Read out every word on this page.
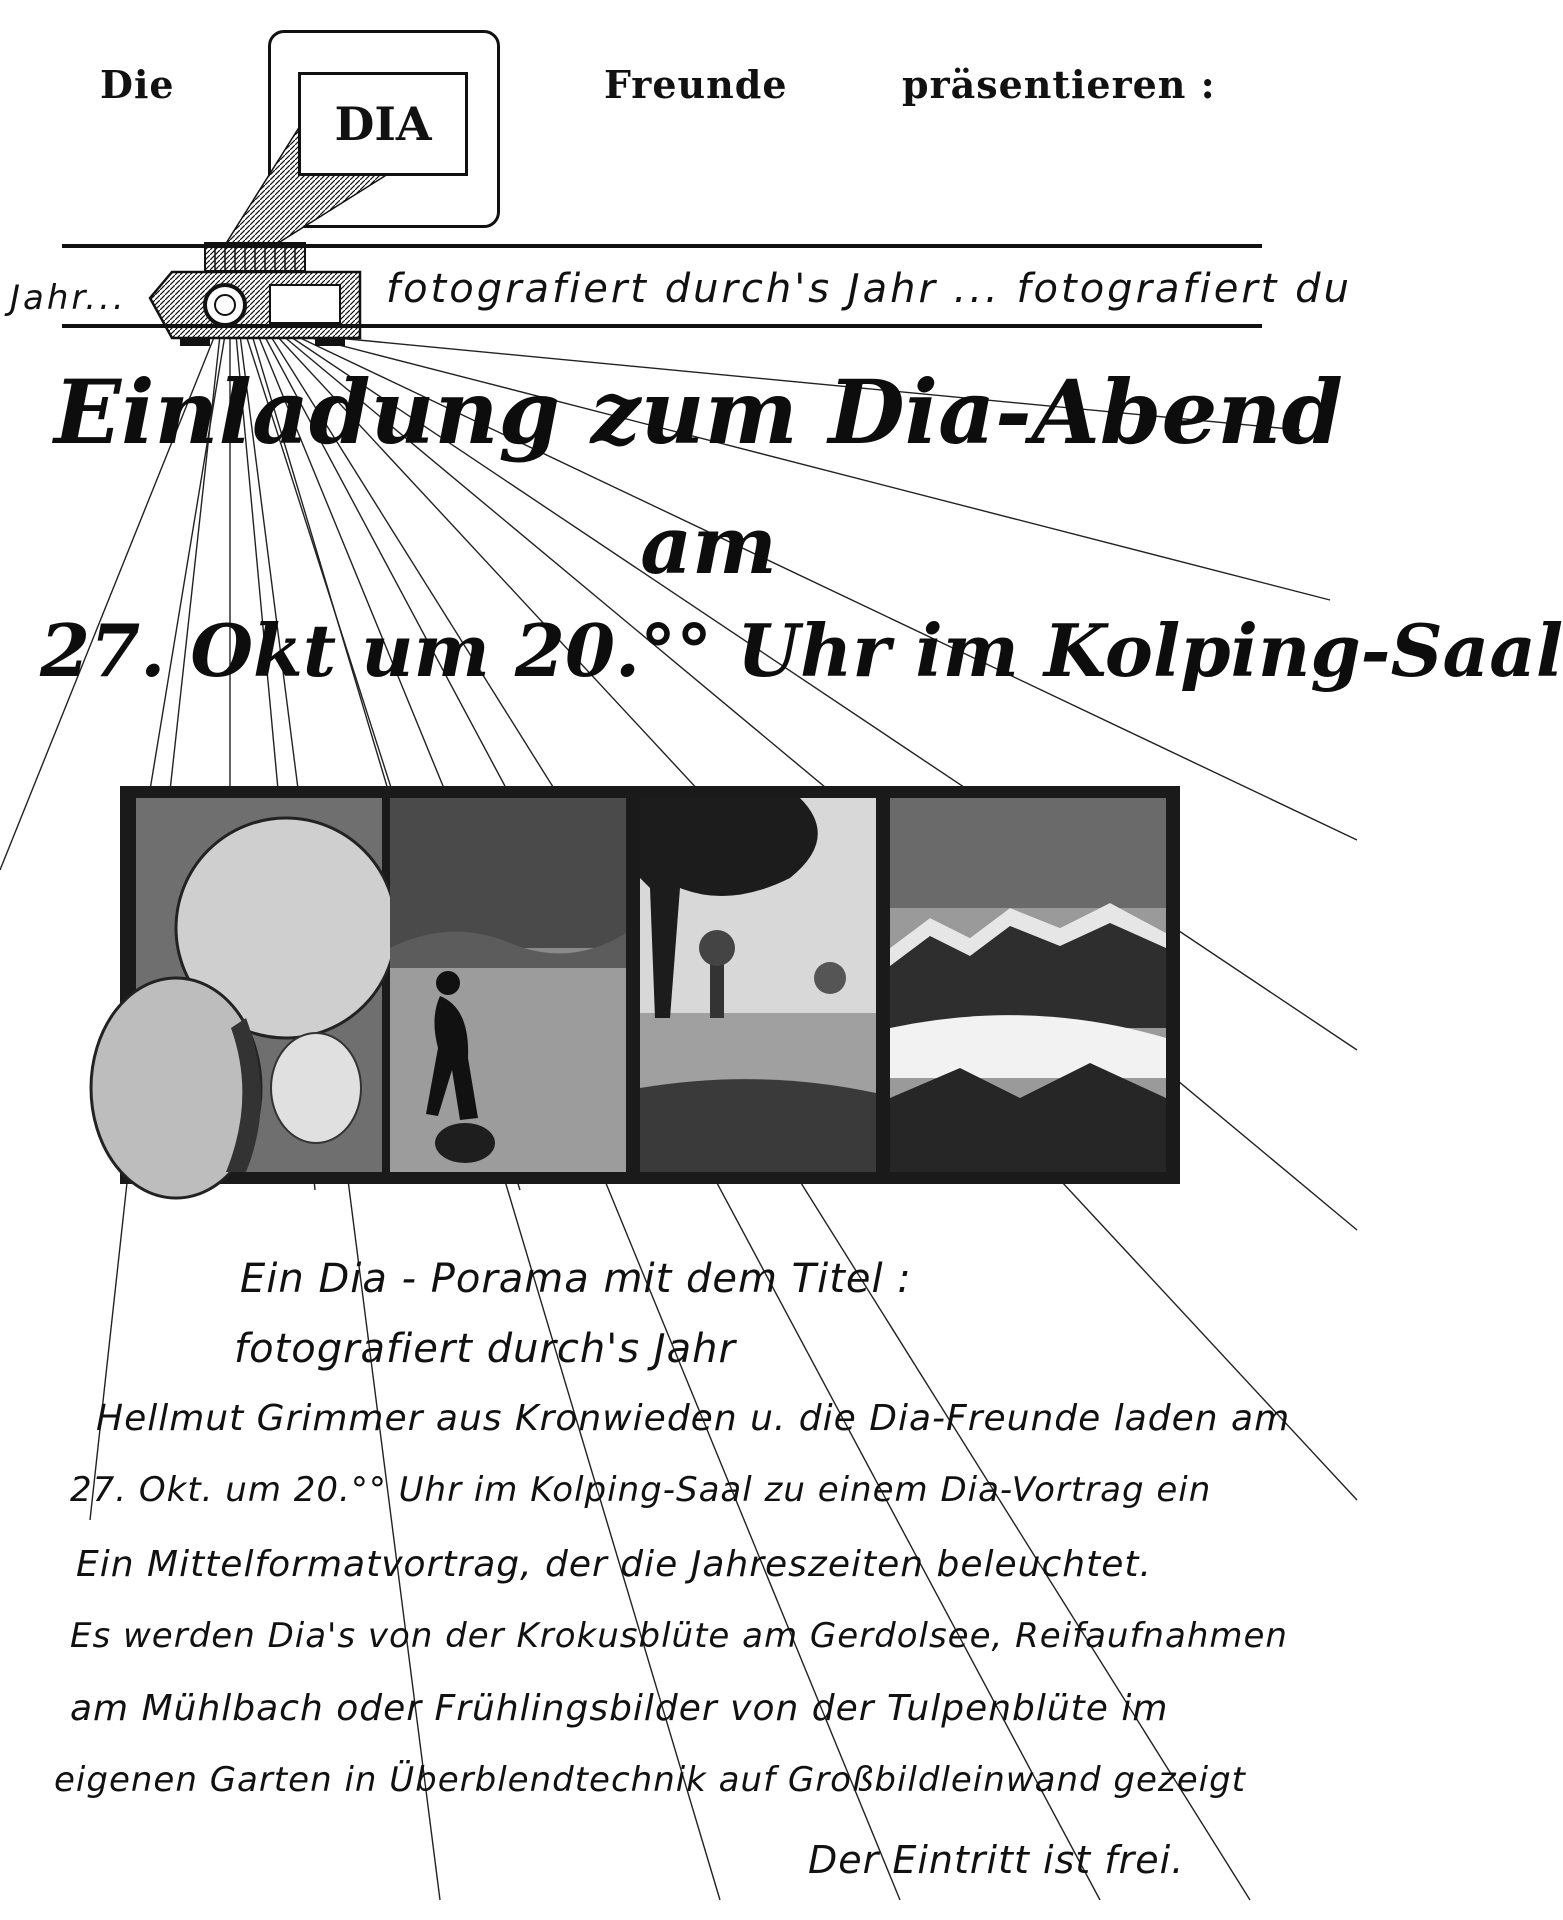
Die	Freunde	präsentieren :
DIA
Jahr...	fotografiert durch's Jahr ... fotografiert du
Einladung zum Dia-Abend
am
27. Okt um 20.°° Uhr im Kolping-Saal
Ein Dia - Porama mit dem Titel :
fotografiert durch's Jahr
Hellmut Grimmer aus Kronwieden u. die Dia-Freunde laden am
27. Okt. um 20.°° Uhr im Kolping-Saal zu einem Dia-Vortrag ein
Ein Mittelformatvortrag, der die Jahreszeiten beleuchtet.
Es werden Dia's von der Krokusblüte am Gerdolsee, Reifaufnahmen
am Mühlbach oder Frühlingsbilder von der Tulpenblüte im
eigenen Garten in Überblendtechnik auf Großbildleinwand gezeigt
Der Eintritt ist frei.
